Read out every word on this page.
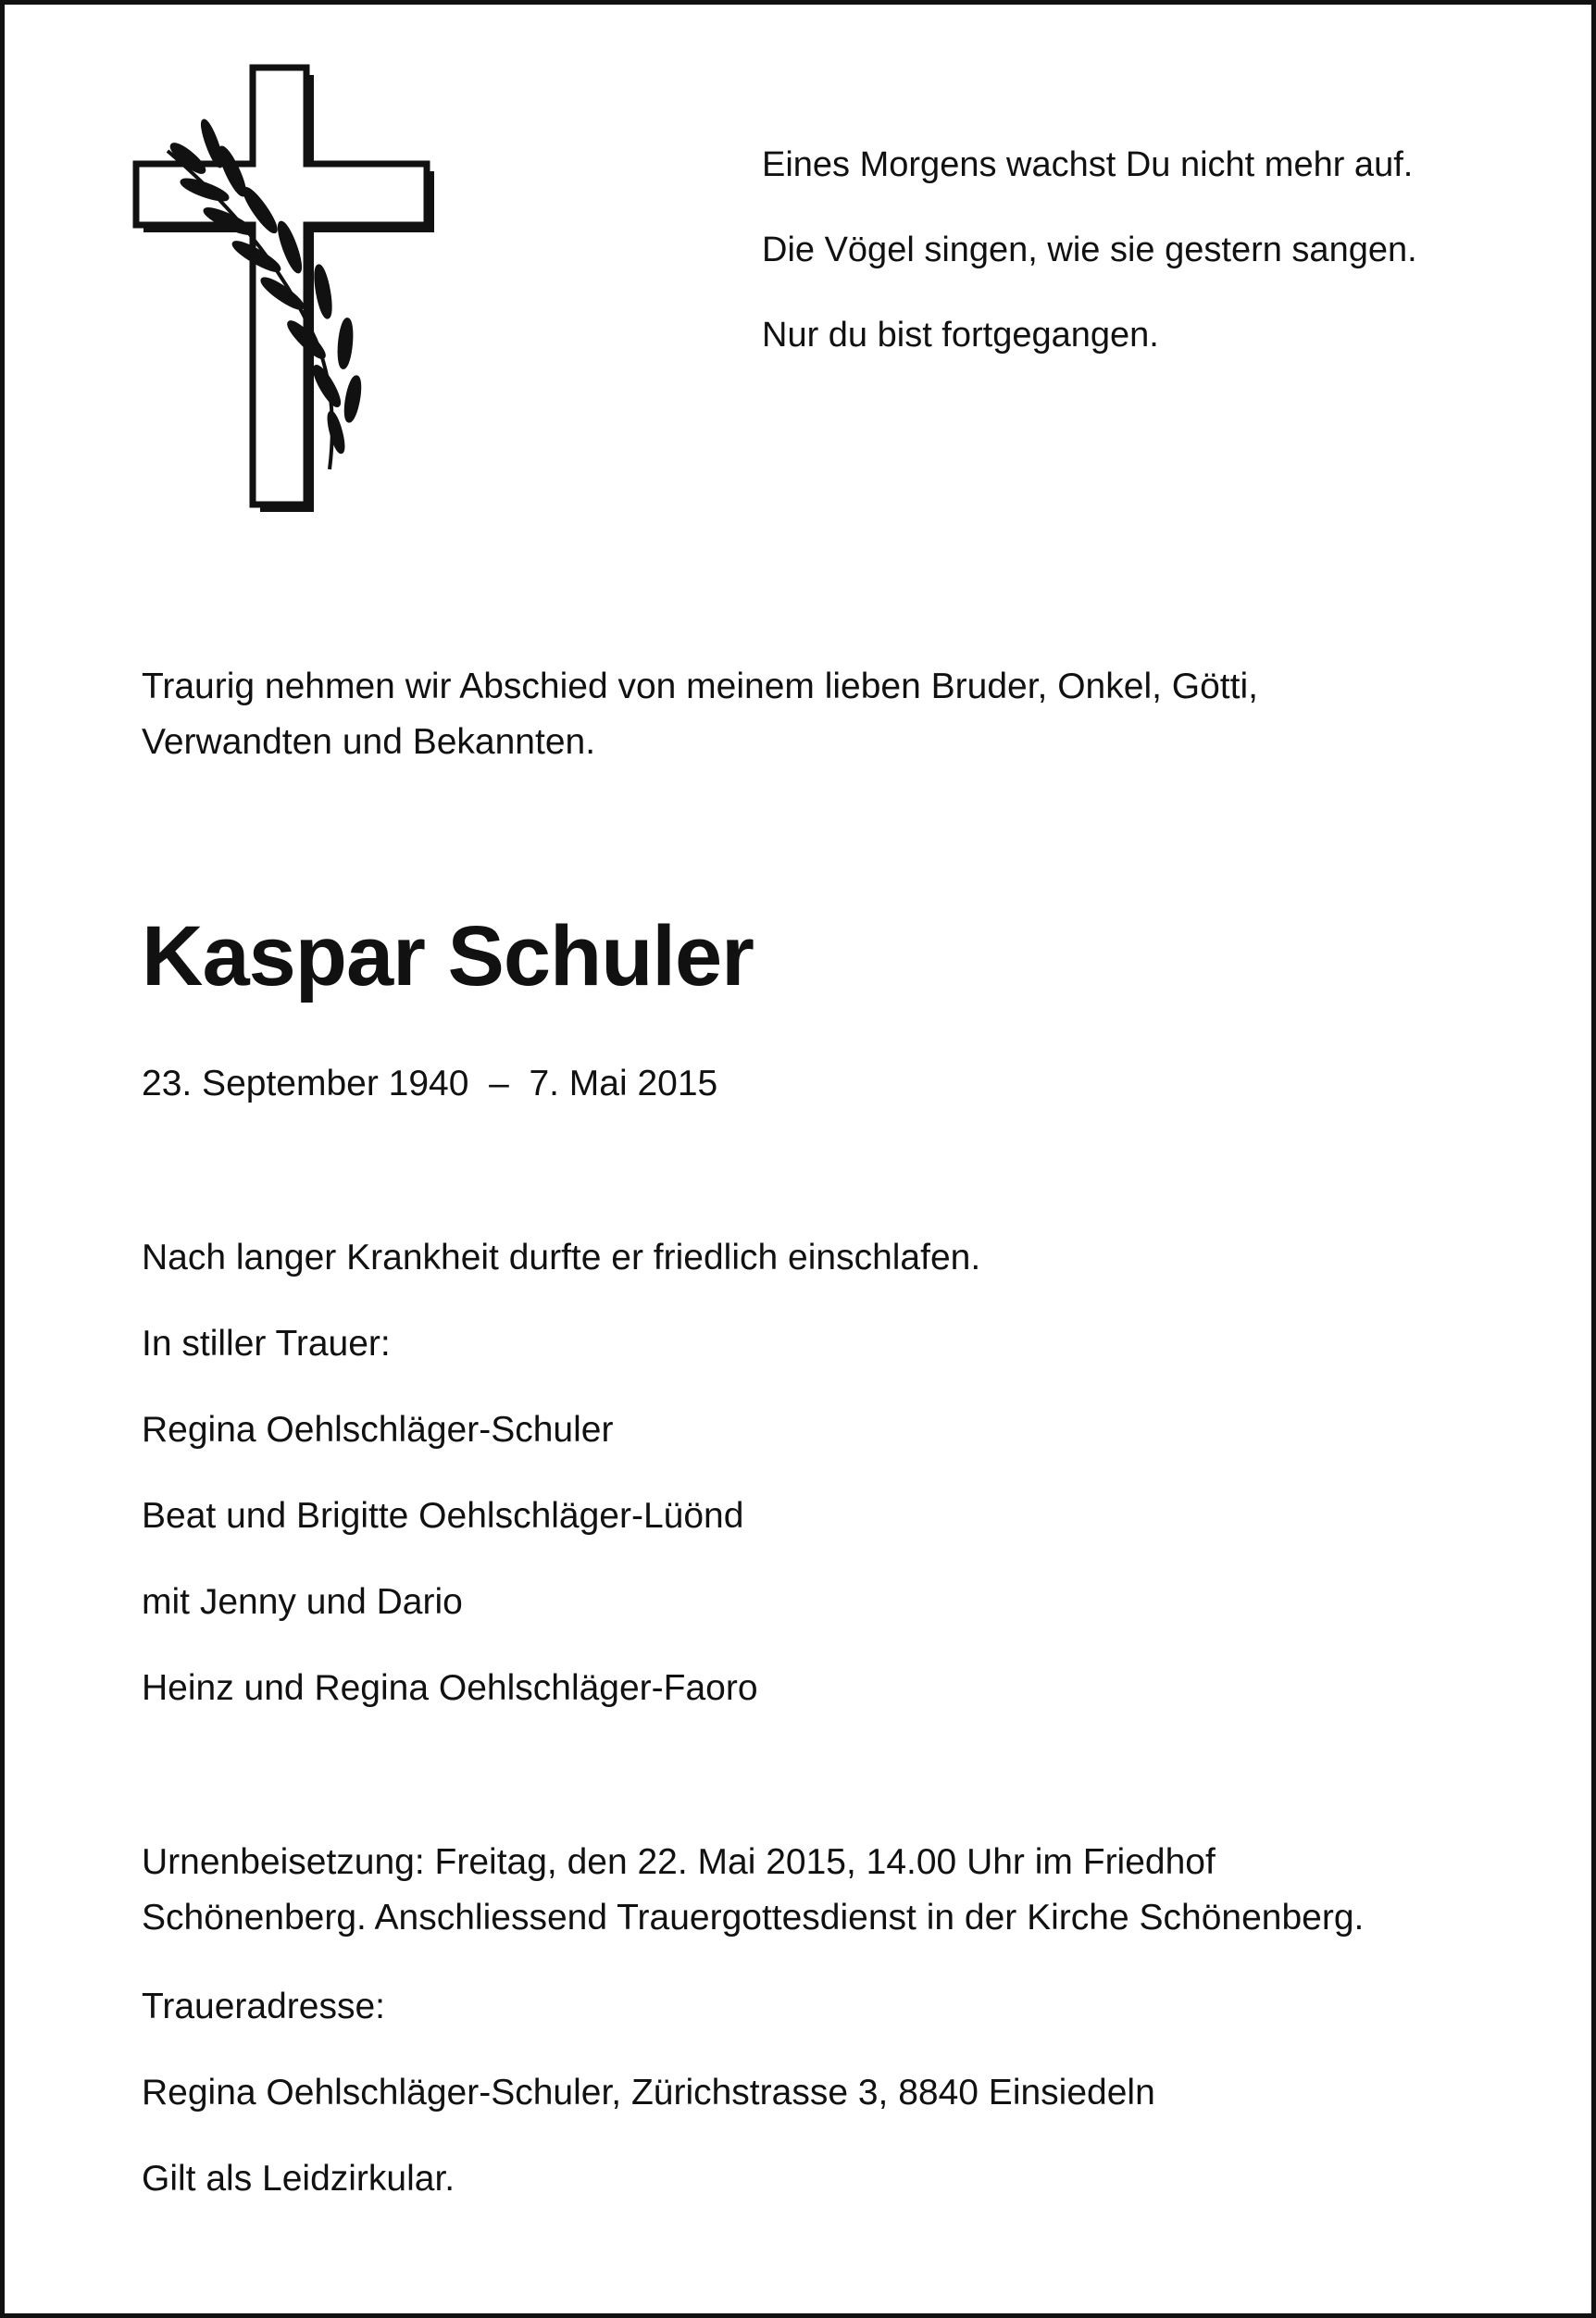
Eines Morgens wachst Du nicht mehr auf.

Die Vögel singen, wie sie gestern sangen.

Nur du bist fortgegangen.

Traurig nehmen wir Abschied von meinem lieben Bruder, Onkel, Götti,

Verwandten und Bekannten.

Kaspar Schuler

23. September 1940  –  7. Mai 2015

Nach langer Krankheit durfte er friedlich einschlafen.

In stiller Trauer:

Regina Oehlschläger-Schuler

Beat und Brigitte Oehlschläger-Lüönd

mit Jenny und Dario

Heinz und Regina Oehlschläger-Faoro

Urnenbeisetzung: Freitag, den 22. Mai 2015, 14.00 Uhr im Friedhof

Schönenberg. Anschliessend Trauergottesdienst in der Kirche Schönenberg.

Traueradresse:

Regina Oehlschläger-Schuler, Zürichstrasse 3, 8840 Einsiedeln

Gilt als Leidzirkular.
